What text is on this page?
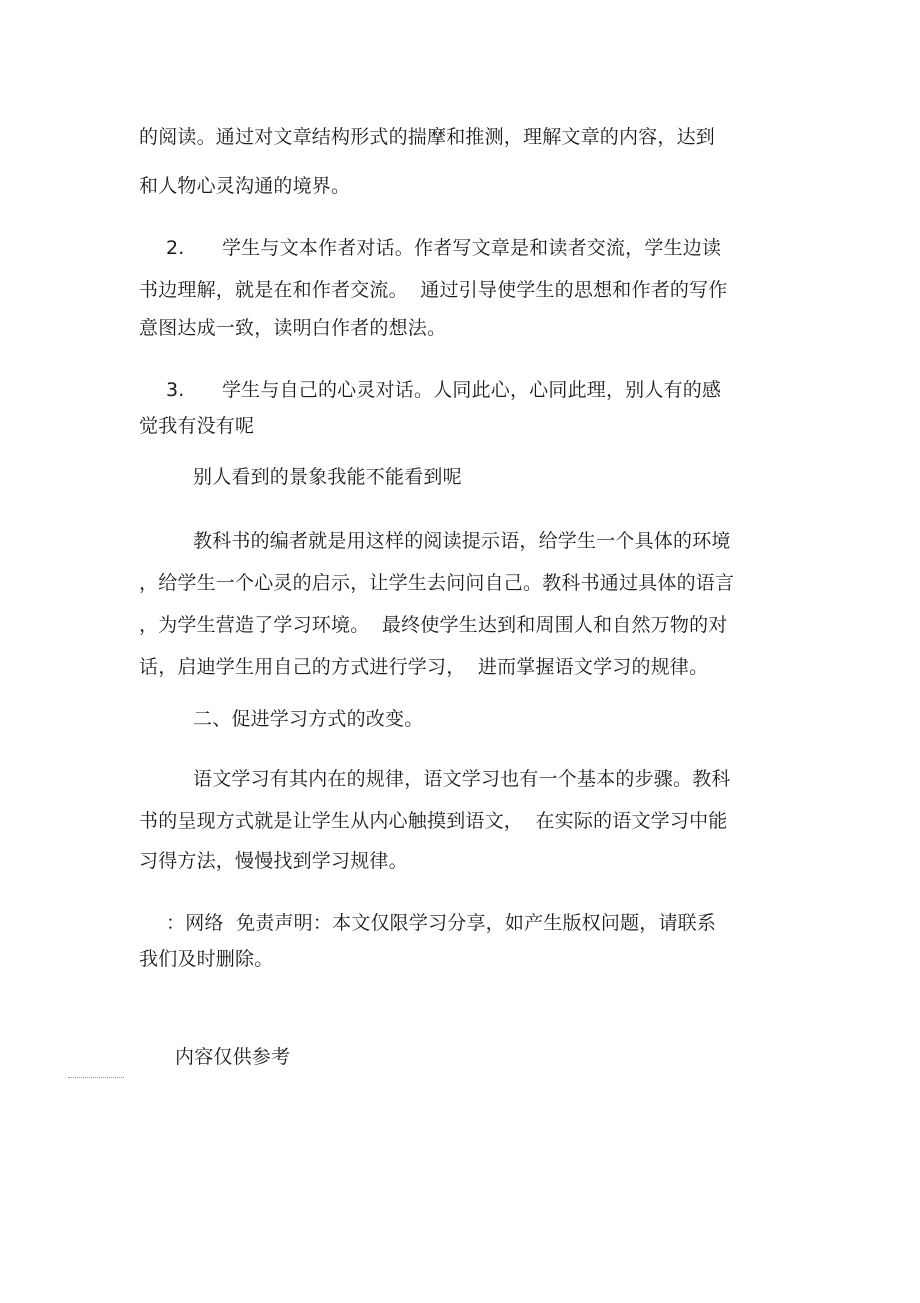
的阅读。通过对文章结构形式的揣摩和推测，理解文章的内容，达到
和人物心灵沟通的境界。
2.      学生与文本作者对话。作者写文章是和读者交流，学生边读
书边理解，就是在和作者交流。  通过引导使学生的思想和作者的写作
意图达成一致，读明白作者的想法。
3.      学生与自己的心灵对话。人同此心，心同此理，别人有的感
觉我有没有呢
别人看到的景象我能不能看到呢
教科书的编者就是用这样的阅读提示语，给学生一个具体的环境
，给学生一个心灵的启示，让学生去问问自己。教科书通过具体的语言
，为学生营造了学习环境。  最终使学生达到和周围人和自然万物的对
话，启迪学生用自己的方式进行学习，  进而掌握语文学习的规律。
二、促进学习方式的改变。
语文学习有其内在的规律，语文学习也有一个基本的步骤。教科
书的呈现方式就是让学生从内心触摸到语文，  在实际的语文学习中能
习得方法，慢慢找到学习规律。
：网络  免责声明：本文仅限学习分享，如产生版权问题，请联系
我们及时删除。
内容仅供参考
